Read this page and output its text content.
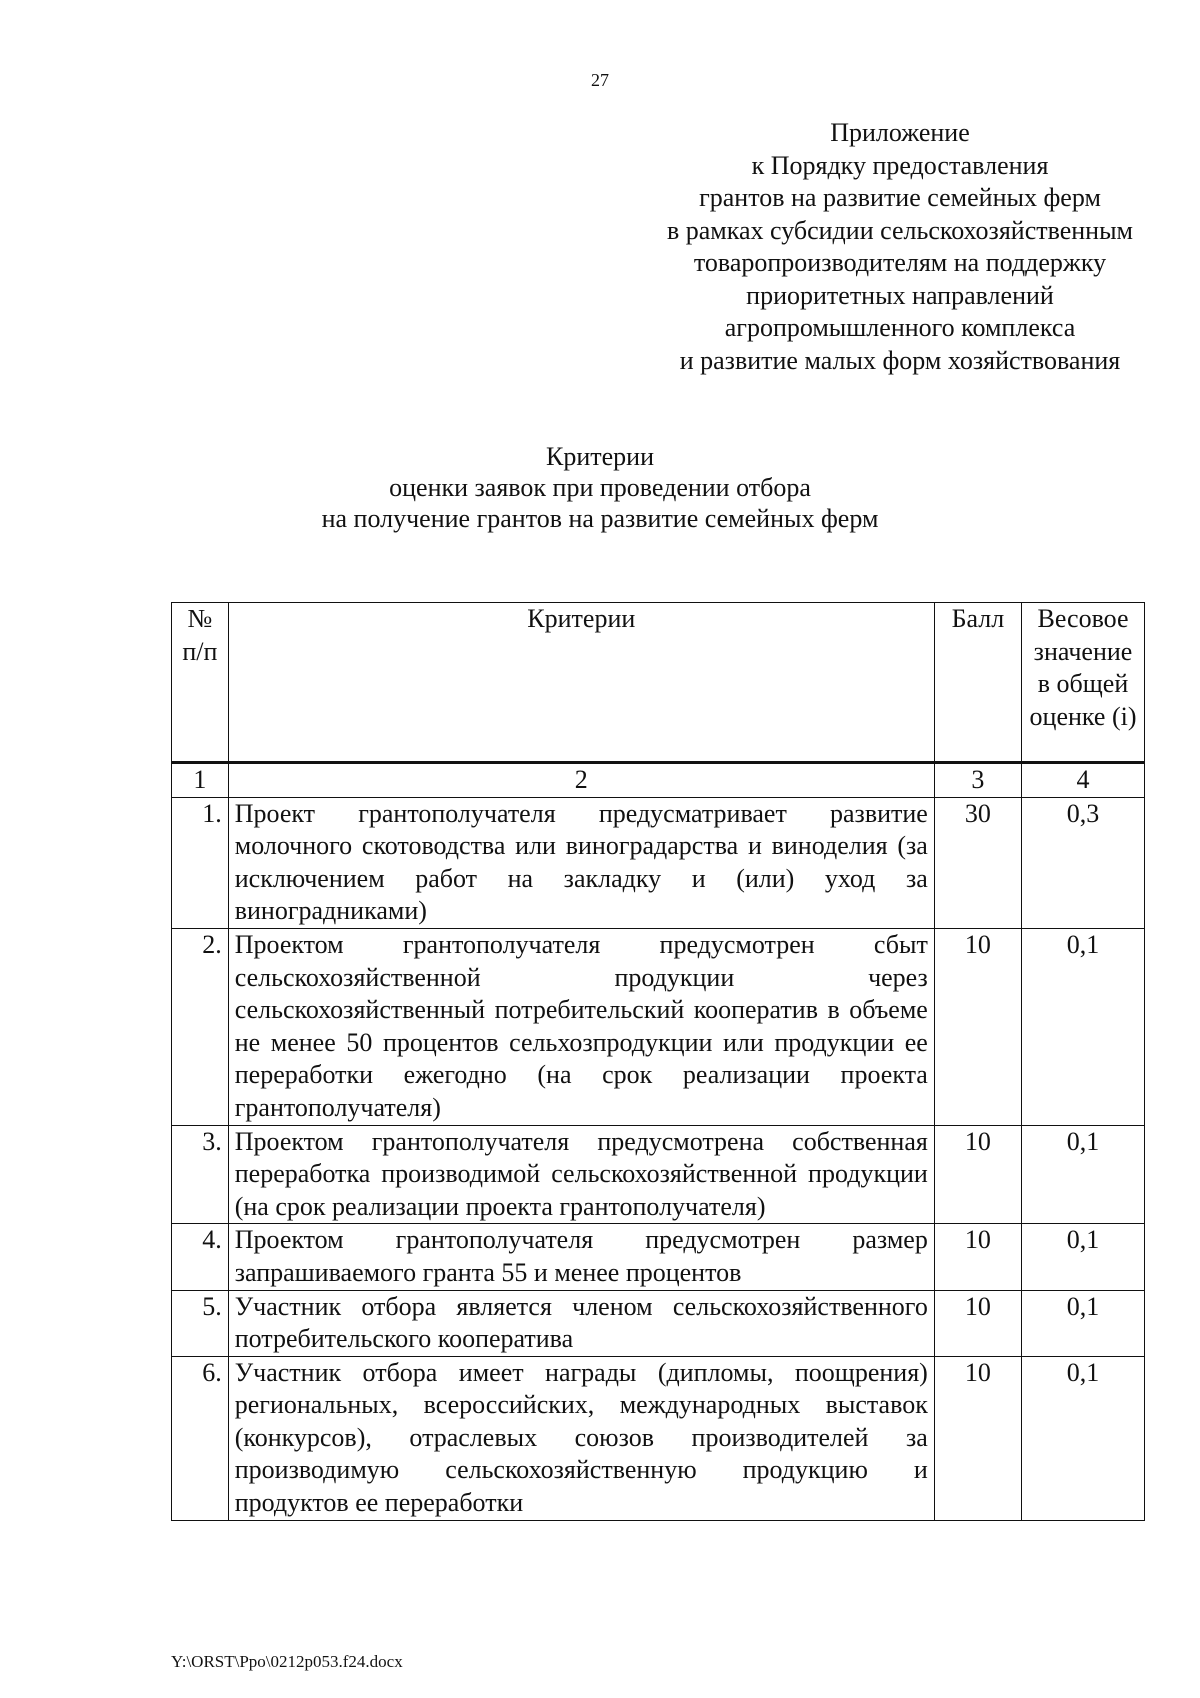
27
Приложение
к Порядку предоставления
грантов на развитие семейных ферм
в рамках субсидии сельскохозяйственным
товаропроизводителям на поддержку
приоритетных направлений
агропромышленного комплекса
и развитие малых форм хозяйствования
Критерии
оценки заявок при проведении отбора
на получение грантов на развитие семейных ферм
№ п/п	Критерии	Балл	Весовое значение в общей оценке (i)
1	2	3	4
1.	Проект грантополучателя предусматривает развитие молочного скотоводства или виноградарства и виноделия (за исключением работ на закладку и (или) уход за виноградниками)	30	0,3
2.	Проектом грантополучателя предусмотрен сбыт сельскохозяйственной продукции через сельскохозяйственный потребительский кооператив в объеме не менее 50 процентов сельхозпродукции или продукции ее переработки ежегодно (на срок реализации проекта грантополучателя)	10	0,1
3.	Проектом грантополучателя предусмотрена собственная переработка производимой сельскохозяйственной продукции (на срок реализации проекта грантополучателя)	10	0,1
4.	Проектом грантополучателя предусмотрен размер запрашиваемого гранта 55 и менее процентов	10	0,1
5.	Участник отбора является членом сельскохозяйственного потребительского кооператива	10	0,1
6.	Участник отбора имеет награды (дипломы, поощрения) региональных, всероссийских, международных выставок (конкурсов), отраслевых союзов производителей за производимую сельскохозяйственную продукцию и продуктов ее переработки	10	0,1
Y:\ORST\Ppo\0212p053.f24.docx
